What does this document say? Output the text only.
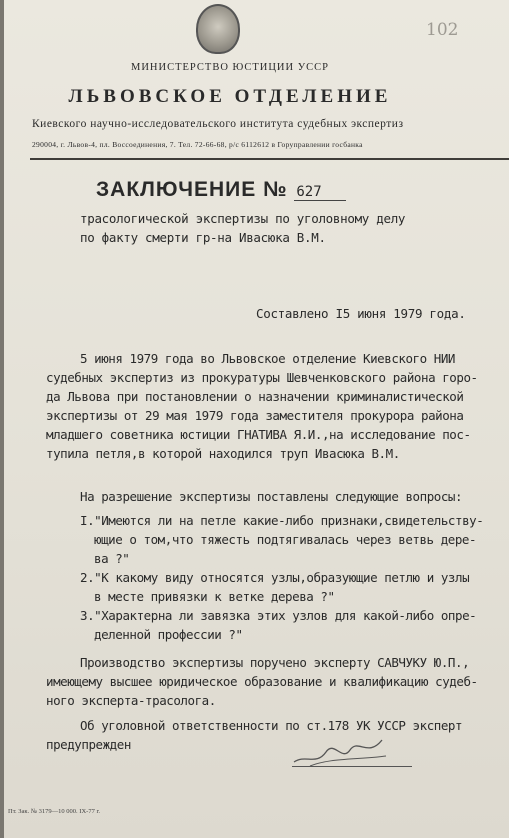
102
МИНИСТЕРСТВО ЮСТИЦИИ УССР
ЛЬВОВСКОЕ ОТДЕЛЕНИЕ
Киевского научно-исследовательского института судебных экспертиз
290004, г. Львов-4, пл. Воссоединения, 7. Тел. 72-66-68, р/с 6112612 в Горуправлении госбанка
ЗАКЛЮЧЕНИЕ № 627
трасологической экспертизы по уголовному делу
по факту смерти гр-на Ивасюка В.М.
Составлено I5 июня 1979 года.
5 июня 1979 года во Львовское отделение Киевского НИИ
судебных экспертиз из прокуратуры Шевченковского района горо-
да Львова при постановлении о назначении криминалистической
экспертизы от 29 мая 1979 года заместителя прокурора района
младшего советника юстиции ГНАТИВА Я.И.,на исследование пос-
тупила петля,в которой находился труп Ивасюка В.М.
На разрешение экспертизы поставлены следующие вопросы:
I."Имеются ли на петле какие-либо признаки,свидетельству-
ющие о том,что тяжесть подтягивалась через ветвь дере-
ва ?"
2."К какому виду относятся узлы,образующие петлю и узлы
в месте привязки к ветке дерева ?"
3."Характерна ли завязка этих узлов для какой-либо опре-
деленной профессии ?"
Производство экспертизы поручено эксперту САВЧУКУ Ю.П.,
имеющему высшее юридическое образование и квалификацию судеб-
ного эксперта-трасолога.
Об уголовной ответственности по ст.178 УК УССР эксперт
предупрежден
Пт. Зак. № 3179—10 000. IX-77 г.
